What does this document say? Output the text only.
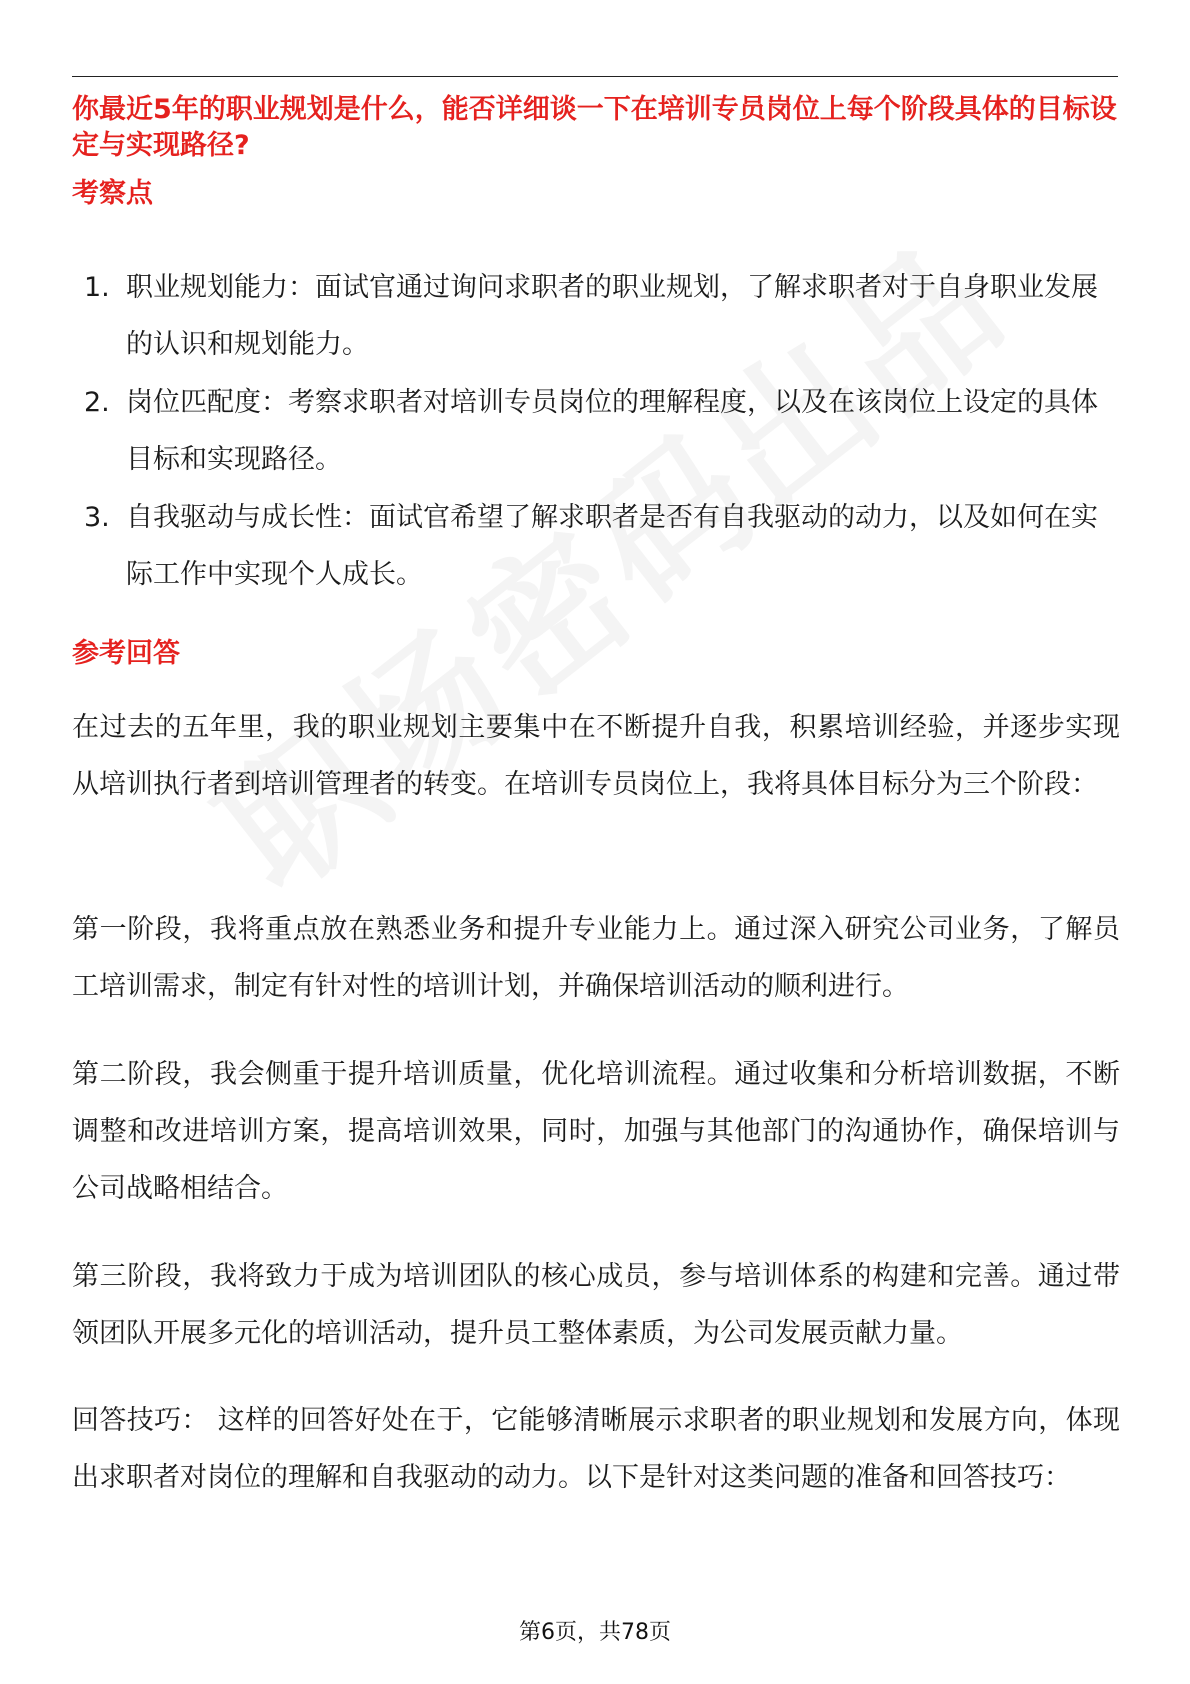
你最近5年的职业规划是什么，能否详细谈一下在培训专员岗位上每个阶段具体的目标设定与实现路径?
考察点
1. 职业规划能力：面试官通过询问求职者的职业规划，了解求职者对于自身职业发展的认识和规划能力。
2. 岗位匹配度：考察求职者对培训专员岗位的理解程度，以及在该岗位上设定的具体目标和实现路径。
3. 自我驱动与成长性：面试官希望了解求职者是否有自我驱动的动力，以及如何在实际工作中实现个人成长。
参考回答

在过去的五年里，我的职业规划主要集中在不断提升自我，积累培训经验，并逐步实现从培训执行者到培训管理者的转变。在培训专员岗位上，我将具体目标分为三个阶段：

第一阶段，我将重点放在熟悉业务和提升专业能力上。通过深入研究公司业务，了解员工培训需求，制定有针对性的培训计划，并确保培训活动的顺利进行。

第二阶段，我会侧重于提升培训质量，优化培训流程。通过收集和分析培训数据，不断调整和改进培训方案，提高培训效果，同时，加强与其他部门的沟通协作，确保培训与公司战略相结合。

第三阶段，我将致力于成为培训团队的核心成员，参与培训体系的构建和完善。通过带领团队开展多元化的培训活动，提升员工整体素质，为公司发展贡献力量。

回答技巧： 这样的回答好处在于，它能够清晰展示求职者的职业规划和发展方向，体现出求职者对岗位的理解和自我驱动的动力。以下是针对这类问题的准备和回答技巧：

第6页，共78页
